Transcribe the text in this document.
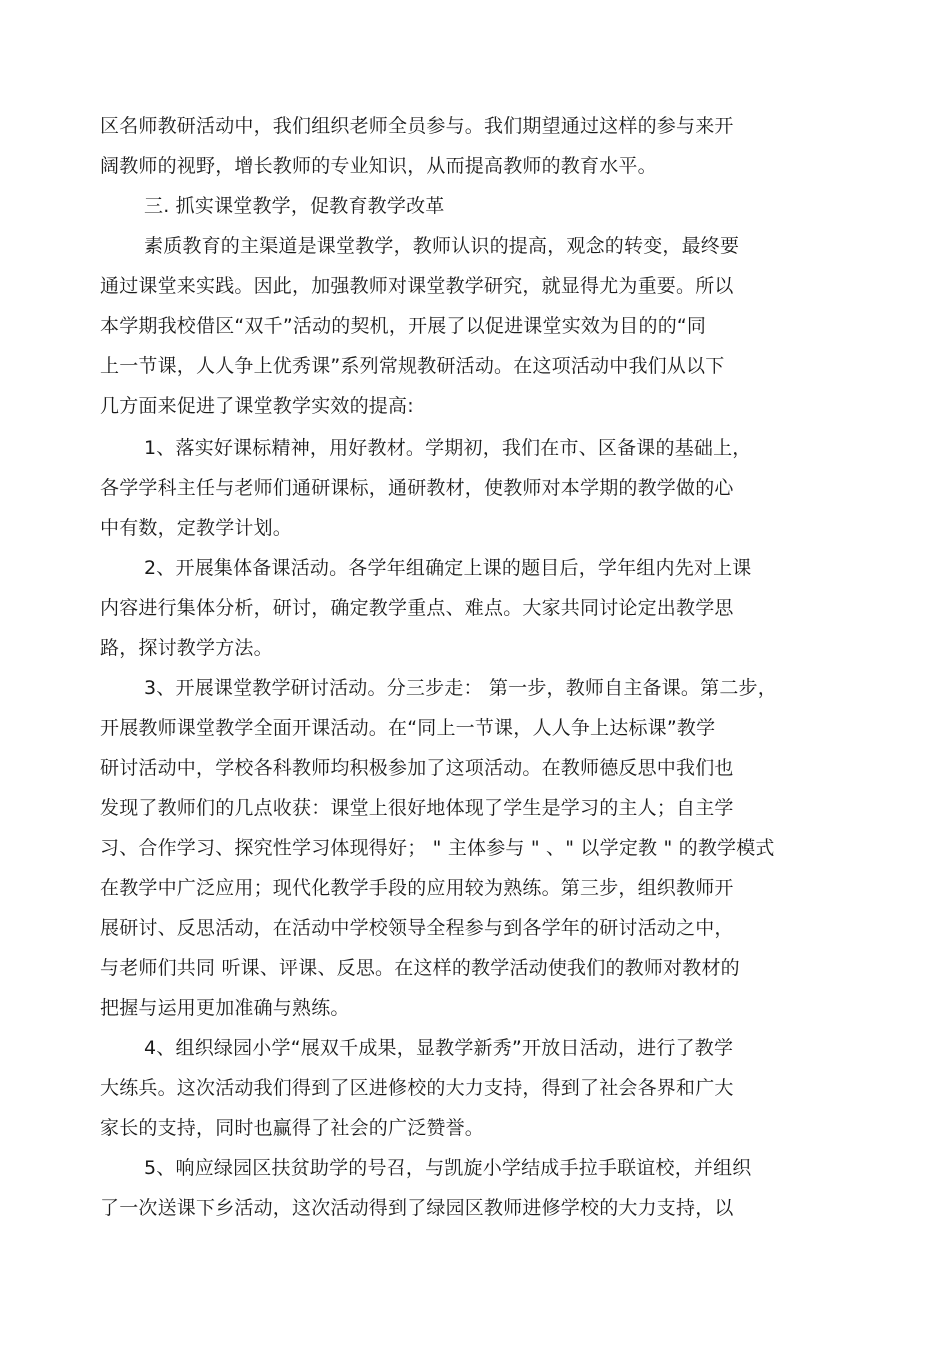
区名师教研活动中，我们组织老师全员参与。我们期望通过这样的参与来开
阔教师的视野，增长教师的专业知识，从而提高教师的教育水平。
三. 抓实课堂教学，促教育教学改革
素质教育的主渠道是课堂教学，教师认识的提高，观念的转变，最终要
通过课堂来实践。因此，加强教师对课堂教学研究，就显得尤为重要。所以
本学期我校借区“双千”活动的契机，开展了以促进课堂实效为目的的“同
上一节课，人人争上优秀课”系列常规教研活动。在这项活动中我们从以下
几方面来促进了课堂教学实效的提高:
1、落实好课标精神，用好教材。学期初，我们在市、区备课的基础上，
各学学科主任与老师们通研课标，通研教材，使教师对本学期的教学做的心
中有数，定教学计划。
2、开展集体备课活动。各学年组确定上课的题目后，学年组内先对上课
内容进行集体分析，研讨，确定教学重点、难点。大家共同讨论定出教学思
路，探讨教学方法。
3、开展课堂教学研讨活动。分三步走： 第一步，教师自主备课。第二步，
开展教师课堂教学全面开课活动。在“同上一节课，人人争上达标课”教学
研讨活动中，学校各科教师均积极参加了这项活动。在教师德反思中我们也
发现了教师们的几点收获：课堂上很好地体现了学生是学习的主人；自主学
习、合作学习、探究性学习体现得好； " 主体参与 " 、" 以学定教 " 的教学模式
在教学中广泛应用；现代化教学手段的应用较为熟练。第三步，组织教师开
展研讨、反思活动，在活动中学校领导全程参与到各学年的研讨活动之中，
与老师们共同 听课、评课、反思。在这样的教学活动使我们的教师对教材的
把握与运用更加准确与熟练。
4、组织绿园小学“展双千成果，显教学新秀”开放日活动，进行了教学
大练兵。这次活动我们得到了区进修校的大力支持，得到了社会各界和广大
家长的支持，同时也赢得了社会的广泛赞誉。
5、响应绿园区扶贫助学的号召，与凯旋小学结成手拉手联谊校，并组织
了一次送课下乡活动，这次活动得到了绿园区教师进修学校的大力支持，以
